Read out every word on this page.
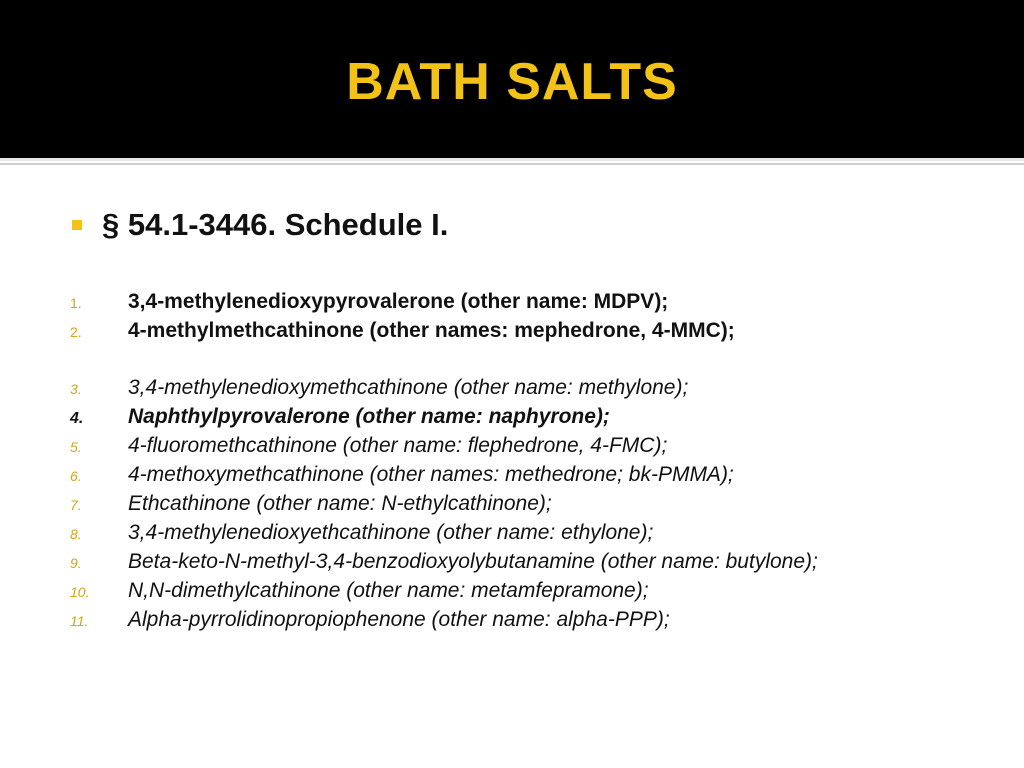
BATH SALTS
§ 54.1-3446. Schedule I.
1.	3,4-methylenedioxypyrovalerone (other name: MDPV);
2.	4-methylmethcathinone (other names: mephedrone, 4-MMC);
3.	3,4-methylenedioxymethcathinone (other name: methylone);
4.	Naphthylpyrovalerone (other name: naphyrone);
5.	4-fluoromethcathinone (other name: flephedrone, 4-FMC);
6.	4-methoxymethcathinone (other names: methedrone; bk-PMMA);
7.	Ethcathinone (other name: N-ethylcathinone);
8.	3,4-methylenedioxyethcathinone (other name: ethylone);
9.	Beta-keto-N-methyl-3,4-benzodioxyolybutanamine (other name: butylone);
10.	N,N-dimethylcathinone (other name: metamfepramone);
11.	Alpha-pyrrolidinopropiophenone (other name: alpha-PPP);
